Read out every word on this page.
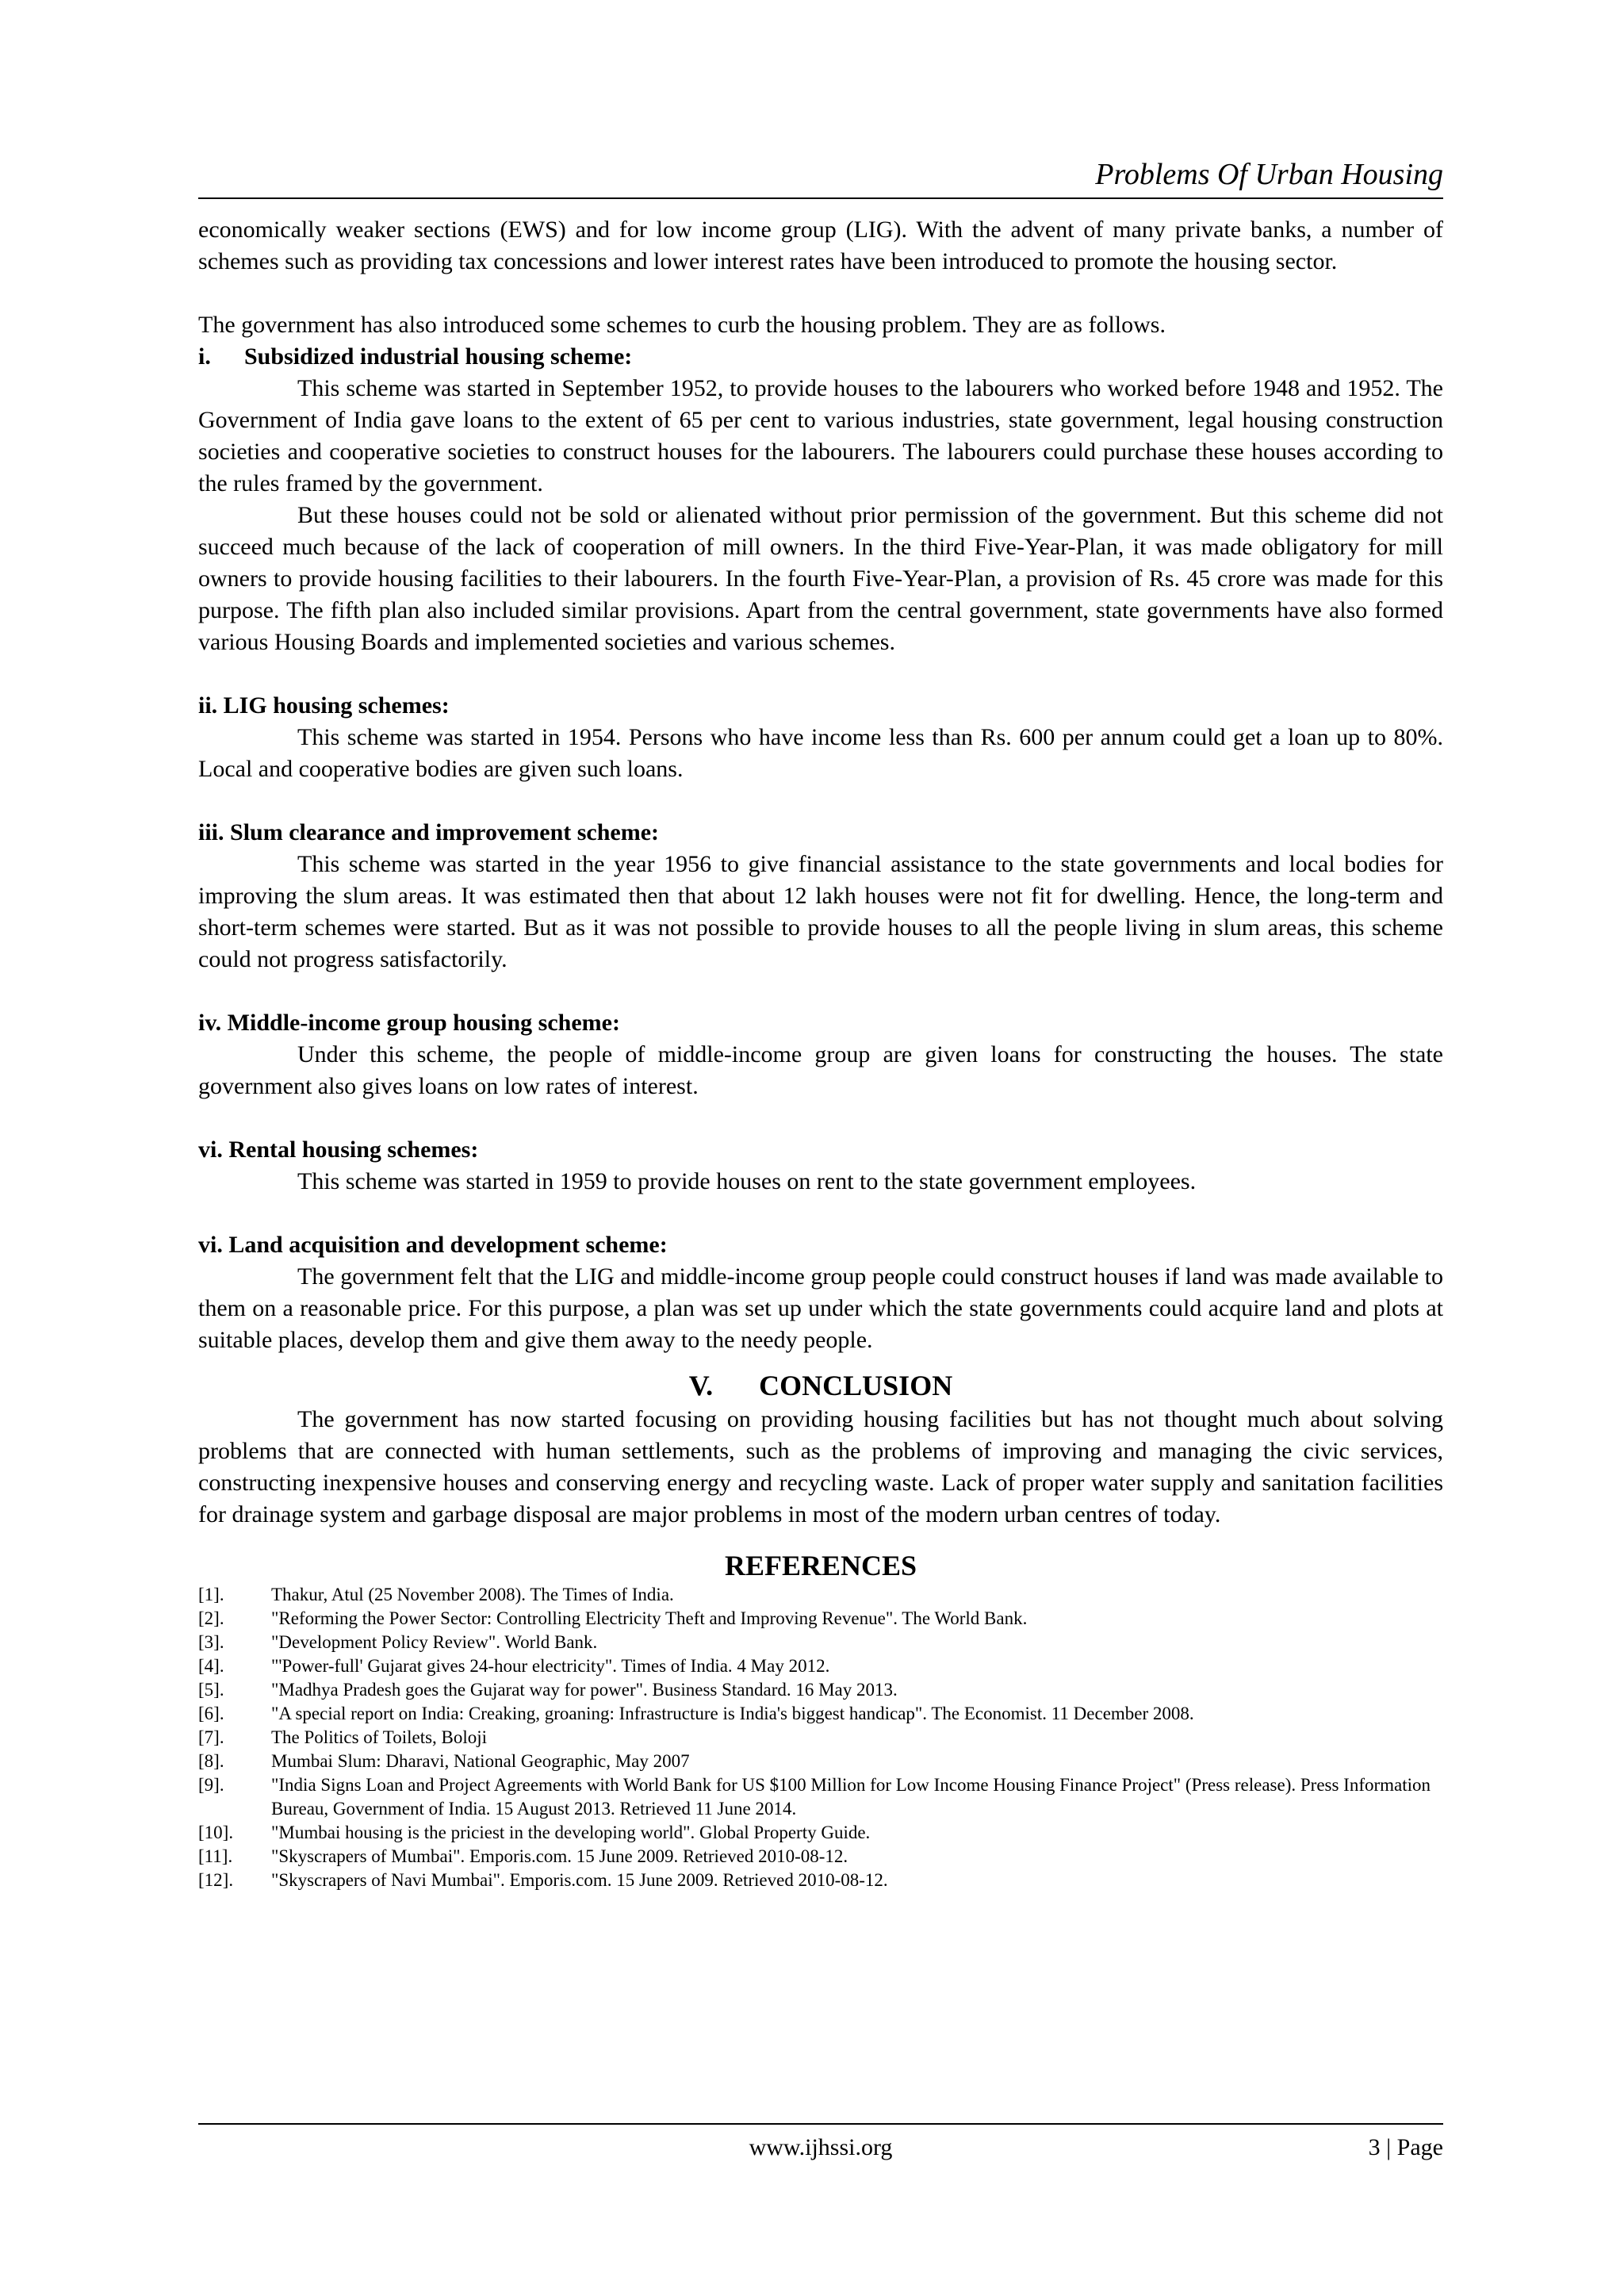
Problems Of Urban Housing

economically weaker sections (EWS) and for low income group (LIG). With the advent of many private banks, a number of schemes such as providing tax concessions and lower interest rates have been introduced to promote the housing sector.

The government has also introduced some schemes to curb the housing problem. They are as follows.

i.	Subsidized industrial housing scheme:

This scheme was started in September 1952, to provide houses to the labourers who worked before 1948 and 1952. The Government of India gave loans to the extent of 65 per cent to various industries, state government, legal housing construction societies and cooperative societies to construct houses for the labourers. The labourers could purchase these houses according to the rules framed by the government.

But these houses could not be sold or alienated without prior permission of the government. But this scheme did not succeed much because of the lack of cooperation of mill owners. In the third Five-Year-Plan, it was made obligatory for mill owners to provide housing facilities to their labourers. In the fourth Five-Year-Plan, a provision of Rs. 45 crore was made for this purpose. The fifth plan also included similar provisions. Apart from the central government, state governments have also formed various Housing Boards and implemented societies and various schemes.

ii. LIG housing schemes:

This scheme was started in 1954. Persons who have income less than Rs. 600 per annum could get a loan up to 80%. Local and cooperative bodies are given such loans.

iii. Slum clearance and improvement scheme:

This scheme was started in the year 1956 to give financial assistance to the state governments and local bodies for improving the slum areas. It was estimated then that about 12 lakh houses were not fit for dwelling. Hence, the long-term and short-term schemes were started. But as it was not possible to provide houses to all the people living in slum areas, this scheme could not progress satisfactorily.

iv. Middle-income group housing scheme:

Under this scheme, the people of middle-income group are given loans for constructing the houses. The state government also gives loans on low rates of interest.

vi. Rental housing schemes:

This scheme was started in 1959 to provide houses on rent to the state government employees.

vi. Land acquisition and development scheme:

The government felt that the LIG and middle-income group people could construct houses if land was made available to them on a reasonable price. For this purpose, a plan was set up under which the state governments could acquire land and plots at suitable places, develop them and give them away to the needy people.

V. CONCLUSION

The government has now started focusing on providing housing facilities but has not thought much about solving problems that are connected with human settlements, such as the problems of improving and managing the civic services, constructing inexpensive houses and conserving energy and recycling waste. Lack of proper water supply and sanitation facilities for drainage system and garbage disposal are major problems in most of the modern urban centres of today.

REFERENCES
[1].	Thakur, Atul (25 November 2008). The Times of India.
[2].	"Reforming the Power Sector: Controlling Electricity Theft and Improving Revenue". The World Bank.
[3].	"Development Policy Review". World Bank.
[4].	"'Power-full' Gujarat gives 24-hour electricity". Times of India. 4 May 2012.
[5].	"Madhya Pradesh goes the Gujarat way for power". Business Standard. 16 May 2013.
[6].	"A special report on India: Creaking, groaning: Infrastructure is India's biggest handicap". The Economist. 11 December 2008.
[7].	The Politics of Toilets, Boloji
[8].	Mumbai Slum: Dharavi, National Geographic, May 2007
[9].	"India Signs Loan and Project Agreements with World Bank for US $100 Million for Low Income Housing Finance Project" (Press release). Press Information Bureau, Government of India. 15 August 2013. Retrieved 11 June 2014.
[10].	"Mumbai housing is the priciest in the developing world". Global Property Guide.
[11].	"Skyscrapers of Mumbai". Emporis.com. 15 June 2009. Retrieved 2010-08-12.
[12].	"Skyscrapers of Navi Mumbai". Emporis.com. 15 June 2009. Retrieved 2010-08-12.
www.ijhssi.org	3 | Page
